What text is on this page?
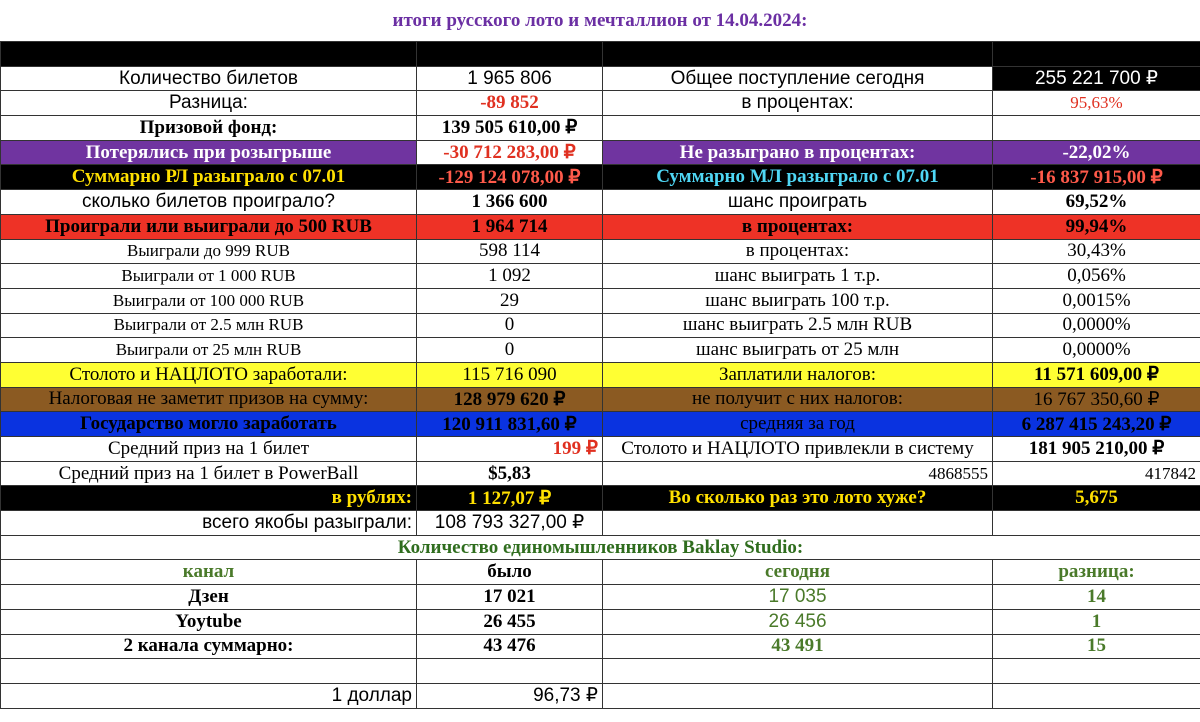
итоги русского лото и мечталлион от 14.04.2024:
Количество билетов в прошлый розыгрыш	2 055 658	общее поступление RUB	273 702 150 ₽
Количество билетов	1 965 806	Общее поступление сегодня	255 221 700 ₽
Разница:	-89 852	в процентах:	95,63%
Призовой фонд:	139 505 610,00 ₽		
Потерялись при розыгрыше	-30 712 283,00 ₽	Не разыграно в процентах:	-22,02%
Суммарно РЛ разыграло с 07.01	-129 124 078,00 ₽	Суммарно МЛ разыграло с 07.01	-16 837 915,00 ₽
сколько билетов проиграло?	1 366 600	шанс проиграть	69,52%
Проиграли или выиграли до 500 RUB	1 964 714	в процентах:	99,94%
Выиграли до 999 RUB	598 114	в процентах:	30,43%
Выиграли от 1 000 RUB	1 092	шанс выиграть 1 т.р.	0,056%
Выиграли от 100 000 RUB	29	шанс выиграть 100 т.р.	0,0015%
Выиграли от 2.5 млн RUB	0	шанс выиграть 2.5 млн RUB	0,0000%
Выиграли от 25 млн RUB	0	шанс выиграть от 25 млн	0,0000%
Столото и НАЦЛОТО заработали:	115 716 090	Заплатили налогов:	11 571 609,00 ₽
Налоговая не заметит призов на сумму:	128 979 620 ₽	не получит с них налогов:	16 767 350,60 ₽
Государство могло заработать	120 911 831,60 ₽	средняя за год	6 287 415 243,20 ₽
Средний приз на 1 билет	199 ₽	Столото и НАЦЛОТО привлекли в систему	181 905 210,00 ₽
Средний приз на 1 билет в PowerBall	$5,83	4868555	417842
в рублях:	1 127,07 ₽	Во сколько раз это лото хуже?	5,675
всего якобы разыграли:	108 793 327,00 ₽		
Количество единомышленников Baklay Studio:			
канал	было	сегодня	разница:
Дзен	17 021	17 035	14
Yoytube	26 455	26 456	1
2 канала суммарно:	43 476	43 491	15

1 доллар	96,73 ₽		
